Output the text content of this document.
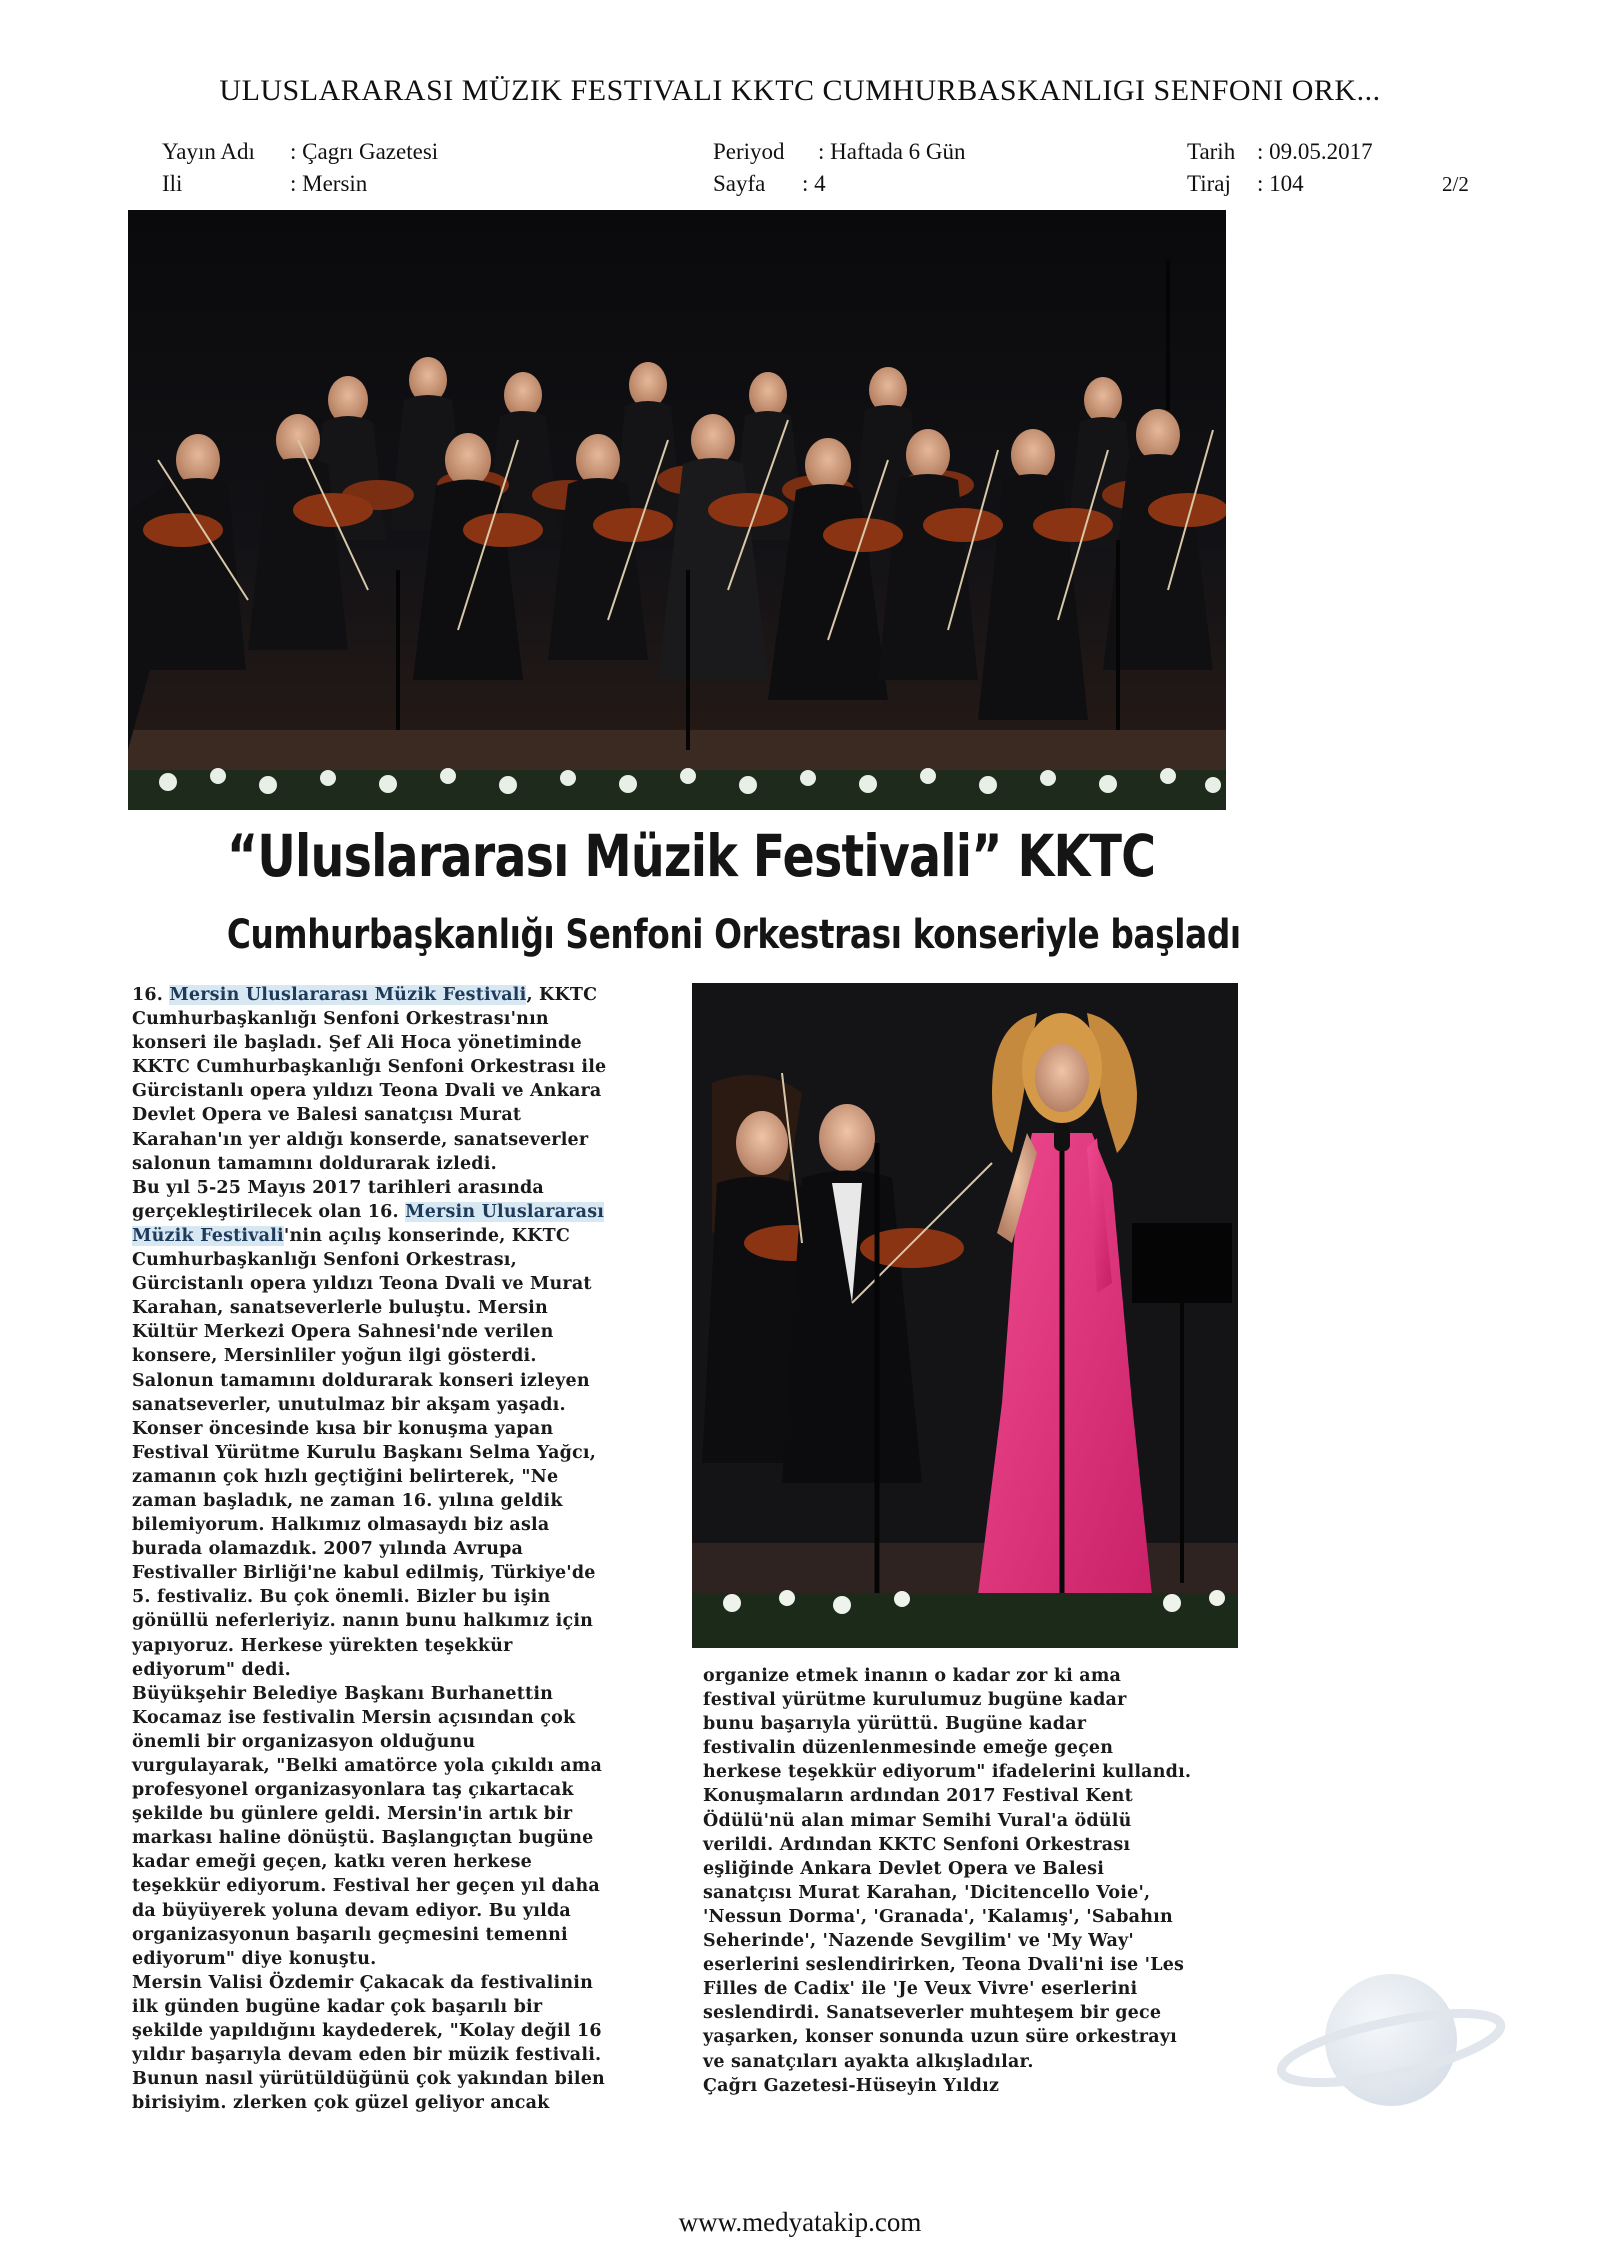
ULUSLARARASI MÜZIK FESTIVALI KKTC CUMHURBASKANLIGI SENFONI ORK...
Yayın Adı : Çagrı Gazetesi
Ili	: Mersin
Periyod : Haftada 6 Gün
Sayfa : 4
Tarih : 09.05.2017
Tiraj : 104	2/2
“Uluslararası Müzik Festivali” KKTC
Cumhurbaşkanlığı Senfoni Orkestrası konseriyle başladı
16. Mersin Uluslararası Müzik Festivali, KKTC
Cumhurbaşkanlığı Senfoni Orkestrası'nın
konseri ile başladı. Şef Ali Hoca yönetiminde
KKTC Cumhurbaşkanlığı Senfoni Orkestrası ile
Gürcistanlı opera yıldızı Teona Dvali ve Ankara
Devlet Opera ve Balesi sanatçısı Murat
Karahan'ın yer aldığı konserde, sanatseverler
salonun tamamını doldurarak izledi.
Bu yıl 5-25 Mayıs 2017 tarihleri arasında
gerçekleştirilecek olan 16. Mersin Uluslararası
Müzik Festivali'nin açılış konserinde, KKTC
Cumhurbaşkanlığı Senfoni Orkestrası,
Gürcistanlı opera yıldızı Teona Dvali ve Murat
Karahan, sanatseverlerle buluştu. Mersin
Kültür Merkezi Opera Sahnesi'nde verilen
konsere, Mersinliler yoğun ilgi gösterdi.
Salonun tamamını doldurarak konseri izleyen
sanatseverler, unutulmaz bir akşam yaşadı.
Konser öncesinde kısa bir konuşma yapan
Festival Yürütme Kurulu Başkanı Selma Yağcı,
zamanın çok hızlı geçtiğini belirterek, "Ne
zaman başladık, ne zaman 16. yılına geldik
bilemiyorum. Halkımız olmasaydı biz asla
burada olamazdık. 2007 yılında Avrupa
Festivaller Birliği'ne kabul edilmiş, Türkiye'de
5. festivaliz. Bu çok önemli. Bizler bu işin
gönüllü neferleriyiz. nanın bunu halkımız için
yapıyoruz. Herkese yürekten teşekkür
ediyorum" dedi.
Büyükşehir Belediye Başkanı Burhanettin
Kocamaz ise festivalin Mersin açısından çok
önemli bir organizasyon olduğunu
vurgulayarak, "Belki amatörce yola çıkıldı ama
profesyonel organizasyonlara taş çıkartacak
şekilde bu günlere geldi. Mersin'in artık bir
markası haline dönüştü. Başlangıçtan bugüne
kadar emeği geçen, katkı veren herkese
teşekkür ediyorum. Festival her geçen yıl daha
da büyüyerek yoluna devam ediyor. Bu yılda
organizasyonun başarılı geçmesini temenni
ediyorum" diye konuştu.
Mersin Valisi Özdemir Çakacak da festivalinin
ilk günden bugüne kadar çok başarılı bir
şekilde yapıldığını kaydederek, "Kolay değil 16
yıldır başarıyla devam eden bir müzik festivali.
Bunun nasıl yürütüldüğünü çok yakından bilen
birisiyim. zlerken çok güzel geliyor ancak
organize etmek inanın o kadar zor ki ama
festival yürütme kurulumuz bugüne kadar
bunu başarıyla yürüttü. Bugüne kadar
festivalin düzenlenmesinde emeğe geçen
herkese teşekkür ediyorum" ifadelerini kullandı.
Konuşmaların ardından 2017 Festival Kent
Ödülü'nü alan mimar Semihi Vural'a ödülü
verildi. Ardından KKTC Senfoni Orkestrası
eşliğinde Ankara Devlet Opera ve Balesi
sanatçısı Murat Karahan, 'Dicitencello Voie',
'Nessun Dorma', 'Granada', 'Kalamış', 'Sabahın
Seherinde', 'Nazende Sevgilim' ve 'My Way'
eserlerini seslendirirken, Teona Dvali'ni ise 'Les
Filles de Cadix' ile 'Je Veux Vivre' eserlerini
seslendirdi. Sanatseverler muhteşem bir gece
yaşarken, konser sonunda uzun süre orkestrayı
ve sanatçıları ayakta alkışladılar.
Çağrı Gazetesi-Hüseyin Yıldız
www.medyatakip.com
